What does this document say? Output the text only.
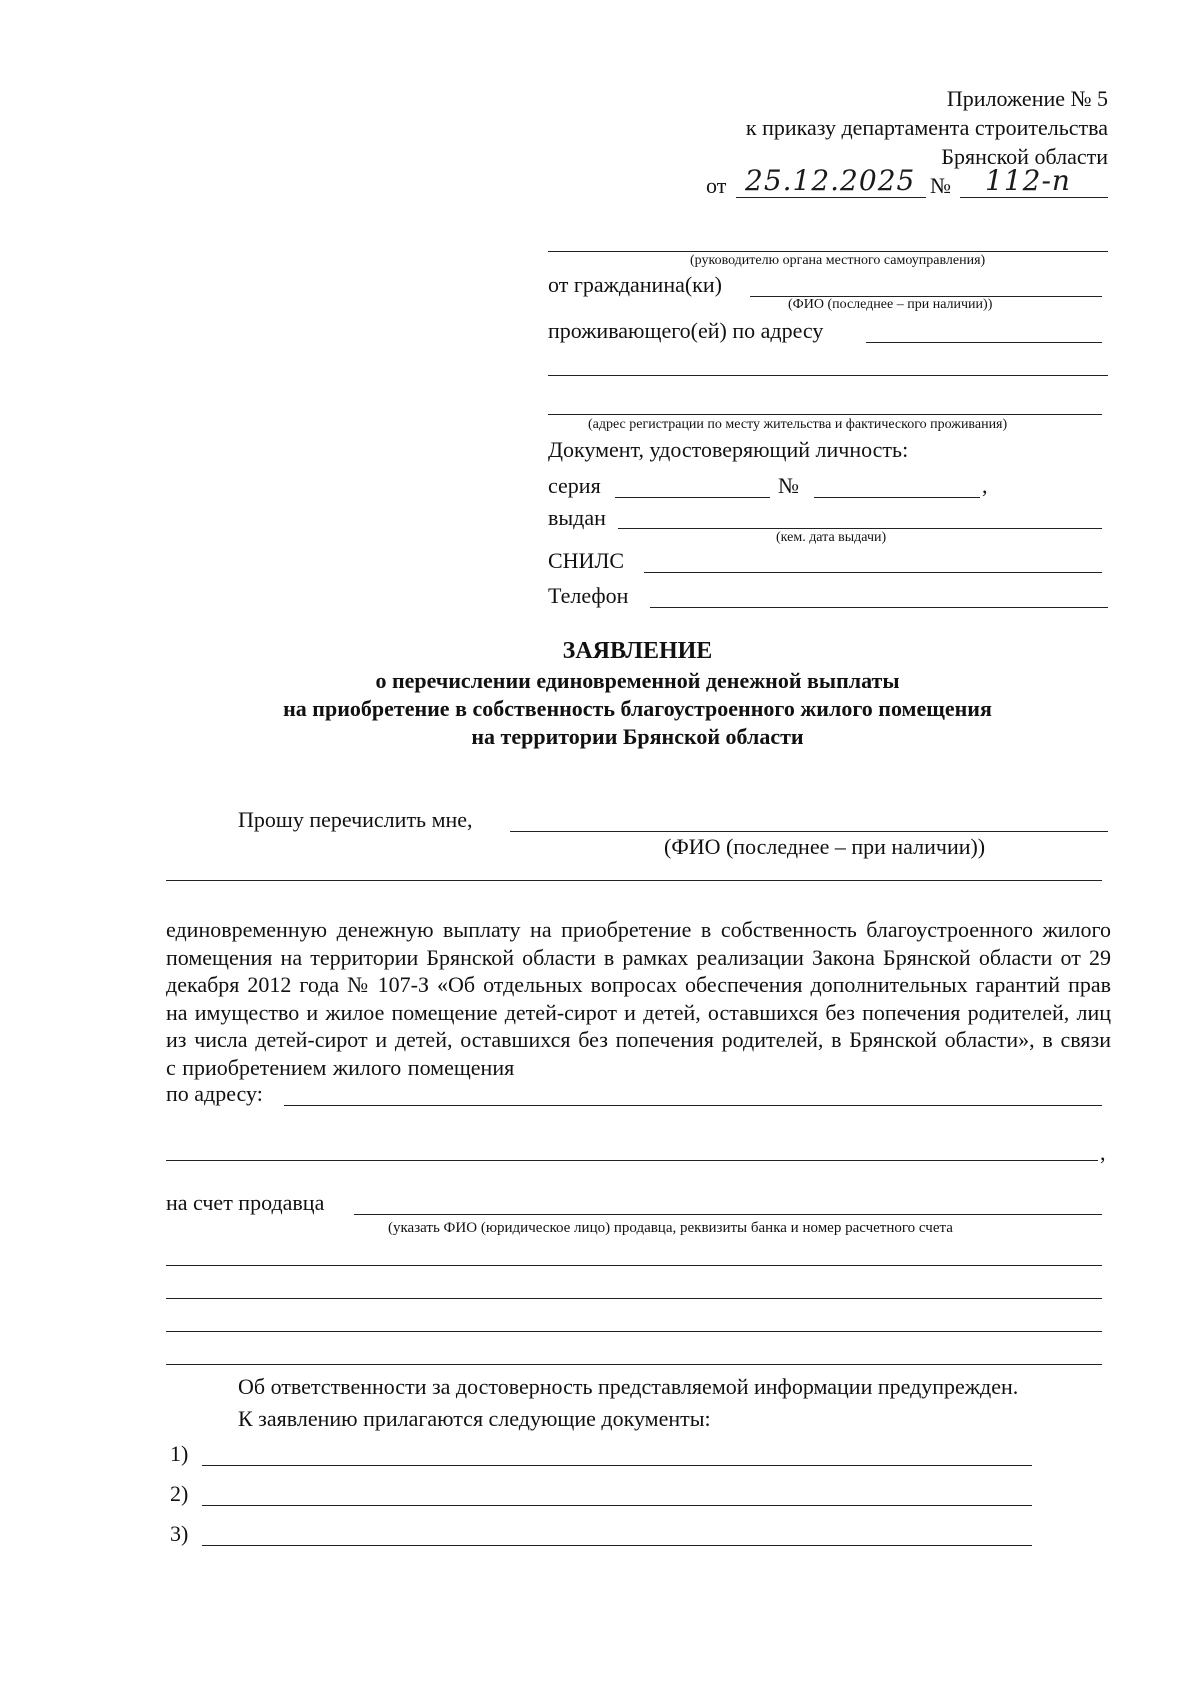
Приложение № 5
к приказу департамента строительства
Брянской области
от 25.12.2025 № 112-п
(руководителю органа местного самоуправления)
от гражданина(ки)
(ФИО (последнее – при наличии))
проживающего(ей) по адресу
(адрес регистрации по месту жительства и фактического проживания)
Документ, удостоверяющий личность:
серия	№	,
выдан
(кем. дата выдачи)
СНИЛС
Телефон
ЗАЯВЛЕНИЕ
о перечислении единовременной денежной выплаты
на приобретение в собственность благоустроенного жилого помещения
на территории Брянской области
Прошу перечислить мне,
(ФИО (последнее – при наличии))
единовременную денежную выплату на приобретение в собственность благоустроенного жилого помещения на территории Брянской области в рамках реализации Закона Брянской области от 29 декабря 2012 года № 107-З «Об отдельных вопросах обеспечения дополнительных гарантий прав на имущество и жилое помещение детей-сирот и детей, оставшихся без попечения родителей, лиц из числа детей-сирот и детей, оставшихся без попечения родителей, в Брянской области», в связи с приобретением жилого помещения
по адресу:
,
на счет продавца
(указать ФИО (юридическое лицо) продавца, реквизиты банка и номер расчетного счета
Об ответственности за достоверность представляемой информации предупрежден.
К заявлению прилагаются следующие документы:
1)
2)
3)
